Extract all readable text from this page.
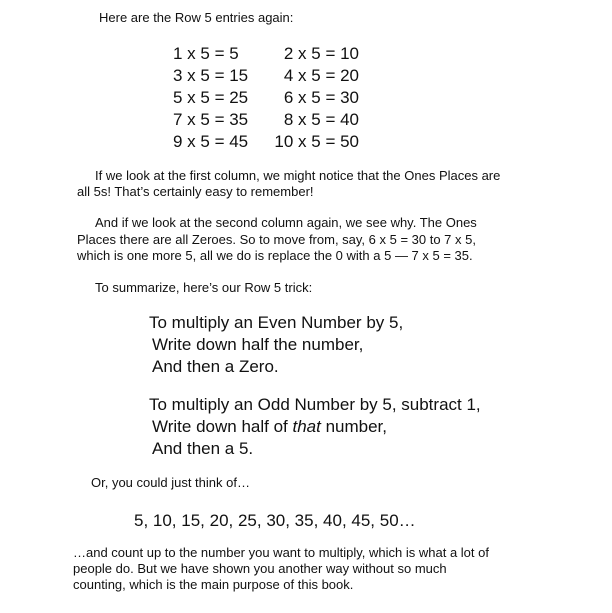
Here are the Row 5 entries again:
1 x 5 = 5
3 x 5 = 15
5 x 5 = 25
7 x 5 = 35
9 x 5 = 45
2 x 5 = 10
4 x 5 = 20
6 x 5 = 30
8 x 5 = 40
10 x 5 = 50
If we look at the first column, we might notice that the Ones Places are
all 5s! That’s certainly easy to remember!
And if we look at the second column again, we see why. The Ones
Places there are all Zeroes. So to move from, say, 6 x 5 = 30 to 7 x 5,
which is one more 5, all we do is replace the 0 with a 5 — 7 x 5 = 35.
To summarize, here’s our Row 5 trick:
To multiply an Even Number by 5,
Write down half the number,
And then a Zero.
To multiply an Odd Number by 5, subtract 1,
Write down half of that number,
And then a 5.
Or, you could just think of…
5, 10, 15, 20, 25, 30, 35, 40, 45, 50…
…and count up to the number you want to multiply, which is what a lot of
people do. But we have shown you another way without so much
counting, which is the main purpose of this book.
